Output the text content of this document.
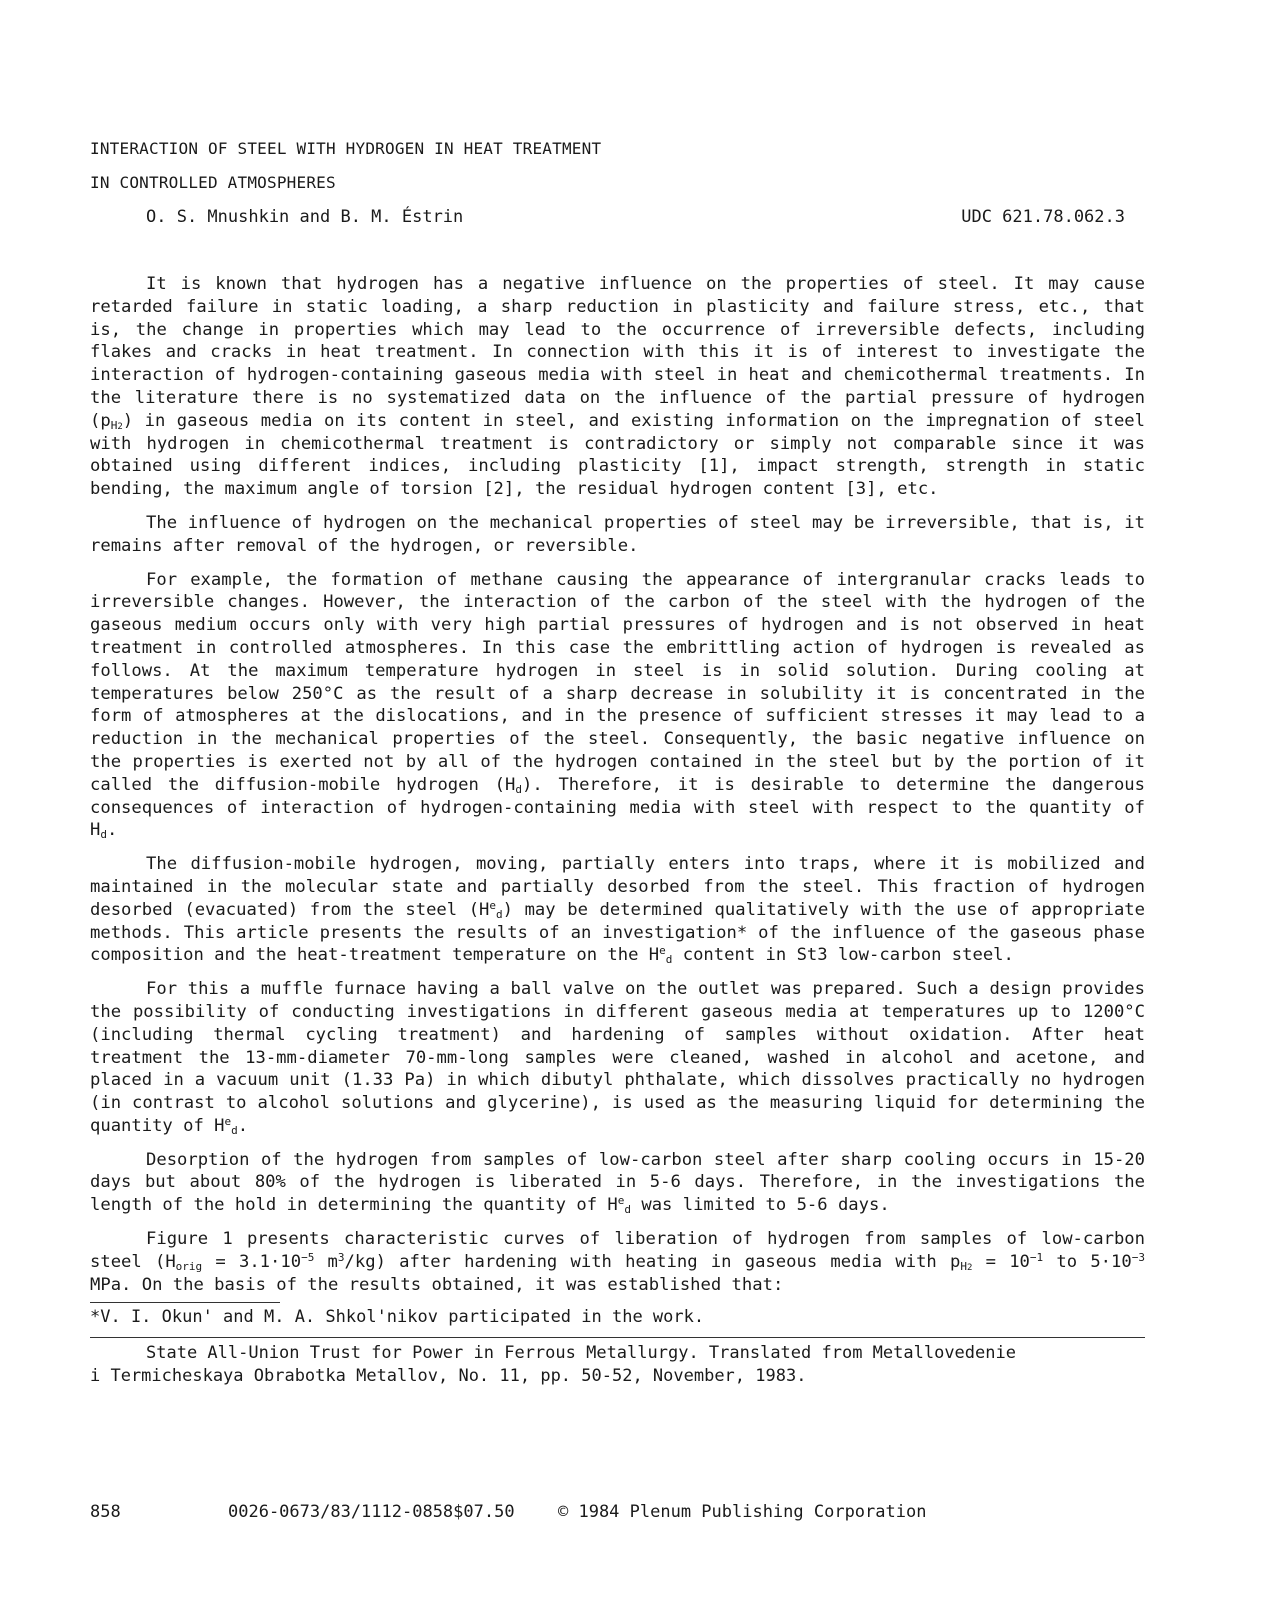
INTERACTION OF STEEL WITH HYDROGEN IN HEAT TREATMENT
IN CONTROLLED ATMOSPHERES
O. S. Mnushkin and B. M. Éstrin	UDC 621.78.062.3

It is known that hydrogen has a negative influence on the properties of steel. It may cause retarded failure in static loading, a sharp reduction in plasticity and failure stress, etc., that is, the change in properties which may lead to the occurrence of irreversible defects, including flakes and cracks in heat treatment. In connection with this it is of interest to investigate the interaction of hydrogen-containing gaseous media with steel in heat and chemicothermal treatments. In the literature there is no systematized data on the influence of the partial pressure of hydrogen $(p_{H2})$ in gaseous media on its content in steel, and existing information on the impregnation of steel with hydrogen in chemicothermal treatment is contradictory or simply not comparable since it was obtained using different indices, including plasticity [1], impact strength, strength in static bending, the maximum angle of torsion [2], the residual hydrogen content [3], etc.

The influence of hydrogen on the mechanical properties of steel may be irreversible, that is, it remains after removal of the hydrogen, or reversible.

For example, the formation of methane causing the appearance of intergranular cracks leads to irreversible changes. However, the interaction of the carbon of the steel with the hydrogen of the gaseous medium occurs only with very high partial pressures of hydrogen and is not observed in heat treatment in controlled atmospheres. In this case the embrittling action of hydrogen is revealed as follows. At the maximum temperature hydrogen in steel is in solid solution. During cooling at temperatures below 250°C as the result of a sharp decrease in solubility it is concentrated in the form of atmospheres at the dislocations, and in the presence of sufficient stresses it may lead to a reduction in the mechanical properties of the steel. Consequently, the basic negative influence on the properties is exerted not by all of the hydrogen contained in the steel but by the portion of it called the diffusion-mobile hydrogen $(H_d)$. Therefore, it is desirable to determine the dangerous consequences of interaction of hydrogen-containing media with steel with respect to the quantity of $H_d$.

The diffusion-mobile hydrogen, moving, partially enters into traps, where it is mobilized and maintained in the molecular state and partially desorbed from the steel. This fraction of hydrogen desorbed (evacuated) from the steel $(H^e_d)$ may be determined qualitatively with the use of appropriate methods. This article presents the results of an investigation* of the influence of the gaseous phase composition and the heat-treatment temperature on the $H^e_d$ content in St3 low-carbon steel.

For this a muffle furnace having a ball valve on the outlet was prepared. Such a design provides the possibility of conducting investigations in different gaseous media at temperatures up to 1200°C (including thermal cycling treatment) and hardening of samples without oxidation. After heat treatment the 13-mm-diameter 70-mm-long samples were cleaned, washed in alcohol and acetone, and placed in a vacuum unit (1.33 Pa) in which dibutyl phthalate, which dissolves practically no hydrogen (in contrast to alcohol solutions and glycerine), is used as the measuring liquid for determining the quantity of $H^e_d$.

Desorption of the hydrogen from samples of low-carbon steel after sharp cooling occurs in 15-20 days but about 80% of the hydrogen is liberated in 5-6 days. Therefore, in the investigations the length of the hold in determining the quantity of $H^e_d$ was limited to 5-6 days.

Figure 1 presents characteristic curves of liberation of hydrogen from samples of low-carbon steel ($H_{orig} = 3.1\cdot 10^{-5}$ $m^3/kg$) after hardening with heating in gaseous media with $p_{H2} = 10^{-1}$ to $5\cdot 10^{-3}$ MPa. On the basis of the results obtained, it was established that:

*V. I. Okun' and M. A. Shkol'nikov participated in the work.
State All-Union Trust for Power in Ferrous Metallurgy. Translated from Metallovedenie
i Termicheskaya Obrabotka Metallov, No. 11, pp. 50-52, November, 1983.
858	0026-0673/83/1112-0858$07.50	© 1984 Plenum Publishing Corporation
